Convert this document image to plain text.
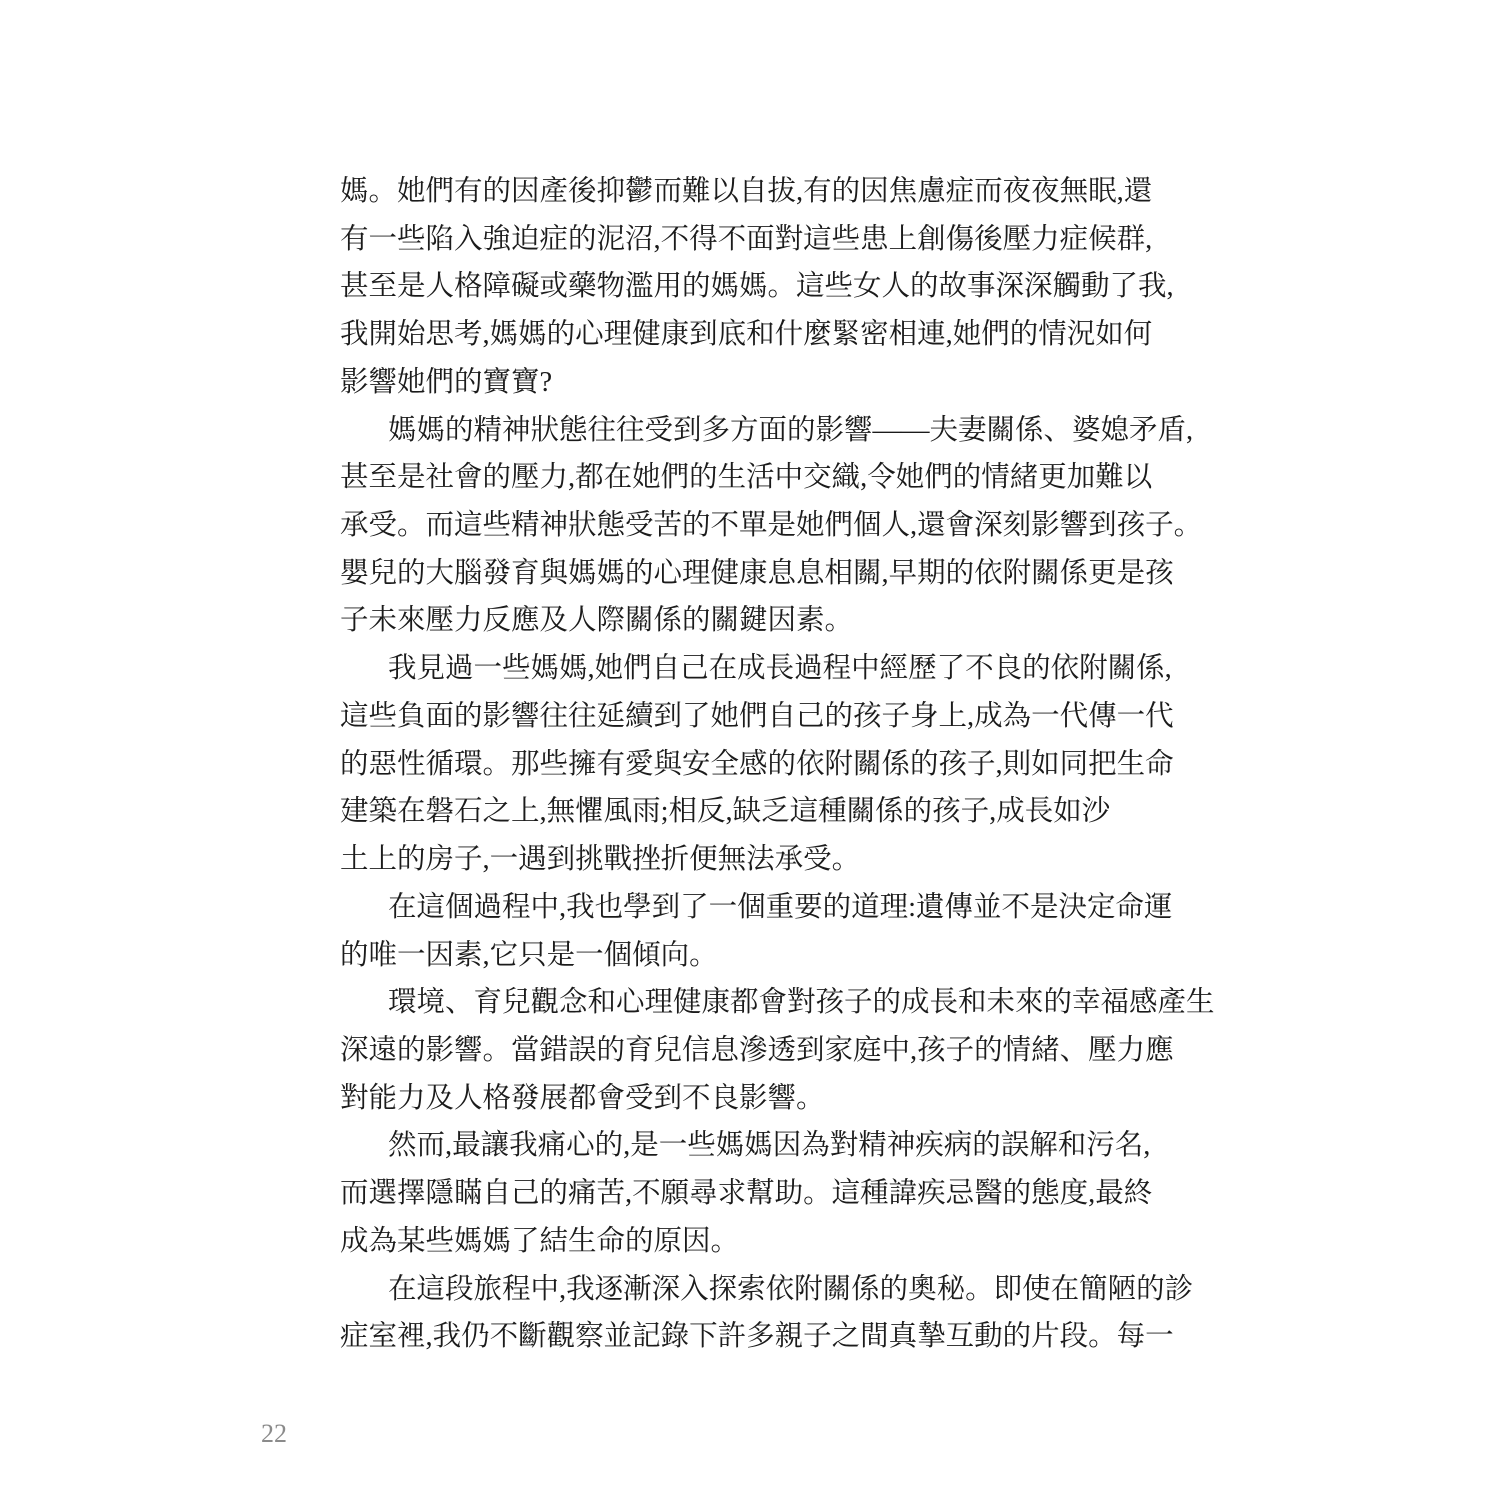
媽。她們有的因產後抑鬱而難以自拔,有的因焦慮症而夜夜無眠,還
有一些陷入強迫症的泥沼,不得不面對這些患上創傷後壓力症候群,
甚至是人格障礙或藥物濫用的媽媽。這些女人的故事深深觸動了我,
我開始思考,媽媽的心理健康到底和什麼緊密相連,她們的情況如何
影響她們的寶寶?
媽媽的精神狀態往往受到多方面的影響——夫妻關係、婆媳矛盾,
甚至是社會的壓力,都在她們的生活中交織,令她們的情緒更加難以
承受。而這些精神狀態受苦的不單是她們個人,還會深刻影響到孩子。
嬰兒的大腦發育與媽媽的心理健康息息相關,早期的依附關係更是孩
子未來壓力反應及人際關係的關鍵因素。
我見過一些媽媽,她們自己在成長過程中經歷了不良的依附關係,
這些負面的影響往往延續到了她們自己的孩子身上,成為一代傳一代
的惡性循環。那些擁有愛與安全感的依附關係的孩子,則如同把生命
建築在磐石之上,無懼風雨;相反,缺乏這種關係的孩子,成長如沙
土上的房子,一遇到挑戰挫折便無法承受。
在這個過程中,我也學到了一個重要的道理:遺傳並不是決定命運
的唯一因素,它只是一個傾向。
環境、育兒觀念和心理健康都會對孩子的成長和未來的幸福感產生
深遠的影響。當錯誤的育兒信息滲透到家庭中,孩子的情緒、壓力應
對能力及人格發展都會受到不良影響。
然而,最讓我痛心的,是一些媽媽因為對精神疾病的誤解和污名,
而選擇隱瞞自己的痛苦,不願尋求幫助。這種諱疾忌醫的態度,最終
成為某些媽媽了結生命的原因。
在這段旅程中,我逐漸深入探索依附關係的奧秘。即使在簡陋的診
症室裡,我仍不斷觀察並記錄下許多親子之間真摯互動的片段。每一
22
